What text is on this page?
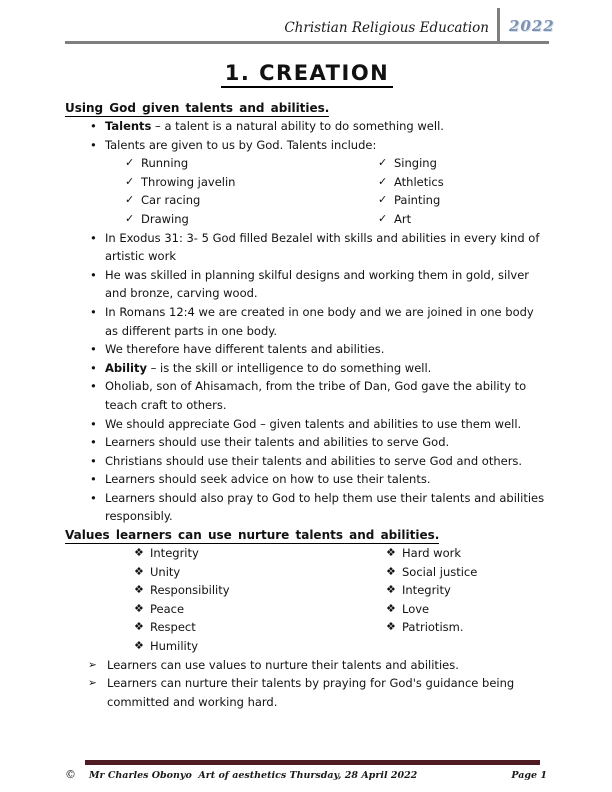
Christian Religious Education	2022
1. CREATION
Using God given talents and abilities.
• Talents – a talent is a natural ability to do something well.
• Talents are given to us by God. Talents include:
✓ Running
✓ Throwing javelin
✓ Car racing
✓ Drawing
✓ Singing
✓ Athletics
✓ Painting
✓ Art
• In Exodus 31: 3- 5 God filled Bezalel with skills and abilities in every kind of artistic work
• He was skilled in planning skilful designs and working them in gold, silver and bronze, carving wood.
• In Romans 12:4 we are created in one body and we are joined in one body as different parts in one body.
• We therefore have different talents and abilities.
• Ability – is the skill or intelligence to do something well.
• Oholiab, son of Ahisamach, from the tribe of Dan, God gave the ability to teach craft to others.
• We should appreciate God – given talents and abilities to use them well.
• Learners should use their talents and abilities to serve God.
• Christians should use their talents and abilities to serve God and others.
• Learners should seek advice on how to use their talents.
• Learners should also pray to God to help them use their talents and abilities responsibly.
Values learners can use nurture talents and abilities.
❖ Integrity
❖ Unity
❖ Responsibility
❖ Peace
❖ Respect
❖ Humility
❖ Hard work
❖ Social justice
❖ Integrity
❖ Love
❖ Patriotism.
➢ Learners can use values to nurture their talents and abilities.
➢ Learners can nurture their talents by praying for God's guidance being committed and working hard.
© Mr Charles Obonyo  Art of aesthetics Thursday, 28 April 2022	Page 1
